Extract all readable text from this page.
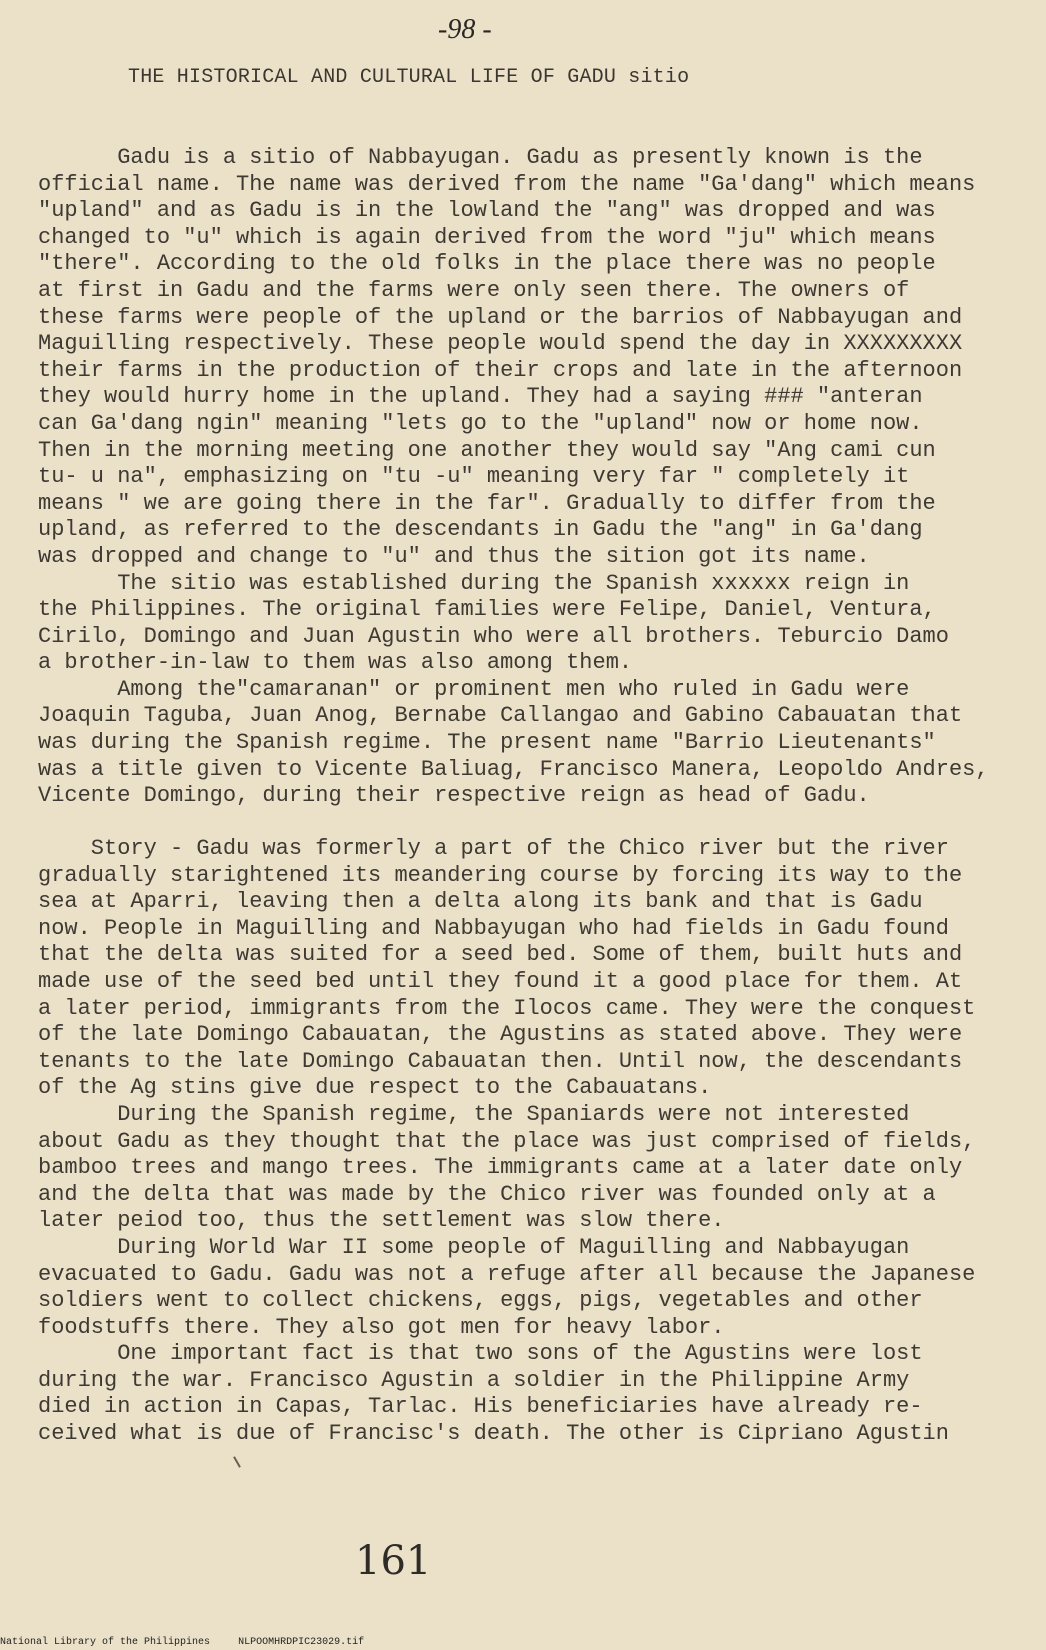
-98 -
THE HISTORICAL AND CULTURAL LIFE OF GADU sitio
Gadu is a sitio of Nabbayugan. Gadu as presently known is the
official name. The name was derived from the name "Ga'dang" which means
"upland" and as Gadu is in the lowland the "ang" was dropped and was
changed to "u" which is again derived from the word "ju" which means
"there". According to the old folks in the place there was no people
at first in Gadu and the farms were only seen there. The owners of
these farms were people of the upland or the barrios of Nabbayugan and
Maguilling respectively. These people would spend the day in XXXXXXXXX
their farms in the production of their crops and late in the afternoon
they would hurry home in the upland. They had a saying ### "anteran
can Ga'dang ngin" meaning "lets go to the "upland" now or home now.
Then in the morning meeting one another they would say "Ang cami cun
tu- u na", emphasizing on "tu -u" meaning very far " completely it
means " we are going there in the far". Gradually to differ from the
upland, as referred to the descendants in Gadu the "ang" in Ga'dang
was dropped and change to "u" and thus the sition got its name.
The sitio was established during the Spanish xxxxxx reign in
the Philippines. The original families were Felipe, Daniel, Ventura,
Cirilo, Domingo and Juan Agustin who were all brothers. Teburcio Damo
a brother-in-law to them was also among them.
Among the"camaranan" or prominent men who ruled in Gadu were
Joaquin Taguba, Juan Anog, Bernabe Callangao and Gabino Cabauatan that
was during the Spanish regime. The present name "Barrio Lieutenants"
was a title given to Vicente Baliuag, Francisco Manera, Leopoldo Andres,
Vicente Domingo, during their respective reign as head of Gadu.
Story - Gadu was formerly a part of the Chico river but the river
gradually starightened its meandering course by forcing its way to the
sea at Aparri, leaving then a delta along its bank and that is Gadu
now. People in Maguilling and Nabbayugan who had fields in Gadu found
that the delta was suited for a seed bed. Some of them, built huts and
made use of the seed bed until they found it a good place for them. At
a later period, immigrants from the Ilocos came. They were the conquest
of the late Domingo Cabauatan, the Agustins as stated above. They were
tenants to the late Domingo Cabauatan then. Until now, the descendants
of the Ag stins give due respect to the Cabauatans.
During the Spanish regime, the Spaniards were not interested
about Gadu as they thought that the place was just comprised of fields,
bamboo trees and mango trees. The immigrants came at a later date only
and the delta that was made by the Chico river was founded only at a
later peiod too, thus the settlement was slow there.
During World War II some people of Maguilling and Nabbayugan
evacuated to Gadu. Gadu was not a refuge after all because the Japanese
soldiers went to collect chickens, eggs, pigs, vegetables and other
foodstuffs there. They also got men for heavy labor.
One important fact is that two sons of the Agustins were lost
during the war. Francisco Agustin a soldier in the Philippine Army
died in action in Capas, Tarlac. His beneficiaries have already re-
ceived what is due of Francisc's death. The other is Cipriano Agustin
161
National Library of the Philippines	NLPOOMHRDPIC23029.tif
